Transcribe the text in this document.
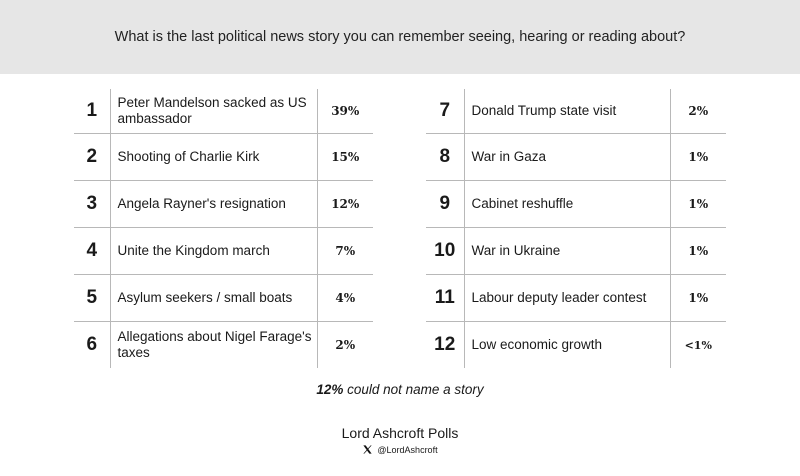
What is the last political news story you can remember seeing, hearing or reading about?
1	Peter Mandelson sacked as US ambassador	39%
2	Shooting of Charlie Kirk	15%
3	Angela Rayner's resignation	12%
4	Unite the Kingdom march	7%
5	Asylum seekers / small boats	4%
6	Allegations about Nigel Farage's taxes	2%
7	Donald Trump state visit	2%
8	War in Gaza	1%
9	Cabinet reshuffle	1%
10	War in Ukraine	1%
11	Labour deputy leader contest	1%
12	Low economic growth	<1%
12% could not name a story
Lord Ashcroft Polls
@LordAshcroft
